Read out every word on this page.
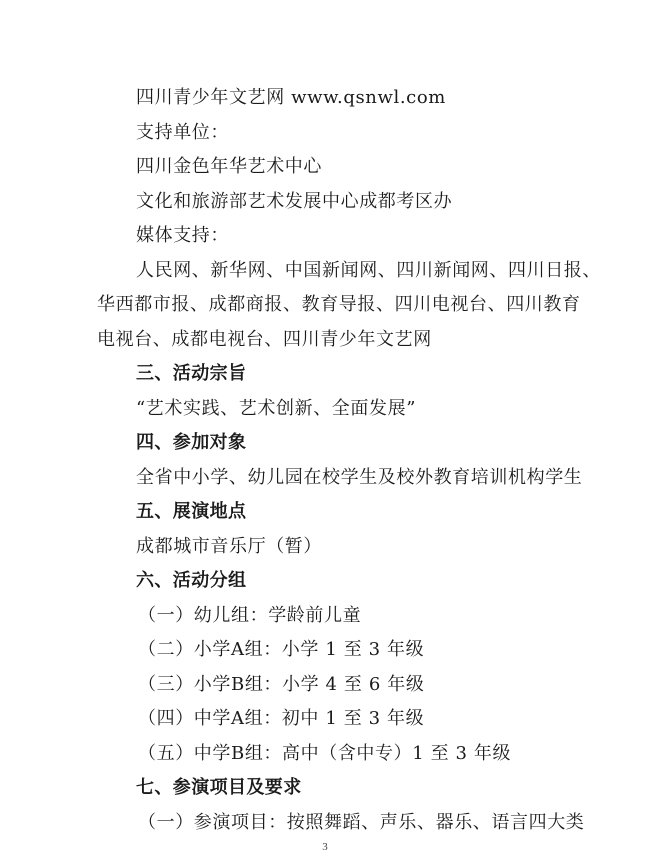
四川青少年文艺网 www.qsnwl.com
支持单位：
四川金色年华艺术中心
文化和旅游部艺术发展中心成都考区办
媒体支持：
人民网、新华网、中国新闻网、四川新闻网、四川日报、
华西都市报、成都商报、教育导报、四川电视台、四川教育
电视台、成都电视台、四川青少年文艺网
三、活动宗旨
“艺术实践、艺术创新、全面发展”
四、参加对象
全省中小学、幼儿园在校学生及校外教育培训机构学生
五、展演地点
成都城市音乐厅（暂）
六、活动分组
（一）幼儿组：学龄前儿童
（二）小学A组：小学 1 至 3 年级
（三）小学B组：小学 4 至 6 年级
（四）中学A组：初中 1 至 3 年级
（五）中学B组：高中（含中专）1 至 3 年级
七、参演项目及要求
（一）参演项目：按照舞蹈、声乐、器乐、语言四大类
3
